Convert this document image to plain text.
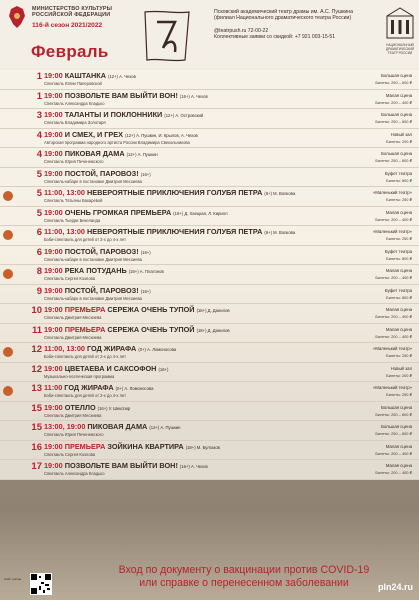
МИНИСТЕРСТВО КУЛЬТУРЫ
РОССИЙСКОЙ ФЕДЕРАЦИИ
116-й сезон 2021/2022
Февраль
Псковский академический театр драмы им. А.С. Пушкина
(филиал Национального драматического театра России)
@teatrpush.ru 72-00-22
Коллективные заявки со скидкой: +7 921 003-15-51
НАЦИОНАЛЬНЫЙ ДРАМАТИЧЕСКИЙ ТЕАТР РОССИИ
1 19:00 КАШТАНКА (12+) А. Чехов
Спектакль Юлии Паперовской
Большая сцена
Билеты: 250 – 600 ₽
1 19:00 ПОЗВОЛЬТЕ ВАМ ВЫЙТИ ВОН! (16+) А. Чехов
Спектакль Александра Кладько
Малая сцена
Билеты: 200 – 400 ₽
3 19:00 ТАЛАНТЫ И ПОКЛОННИКИ (12+) А. Островский
Спектакль Владимира Золотаря
Большая сцена
Билеты: 250 – 600 ₽
4 19:00 И СМЕХ, И ГРЕХ (12+) А. Пушкин, И. Крылов, А. Чехов
Авторская программа народного артиста России Владимира Свекольникова
Новый зал
Билеты: 200 ₽
4 19:00 ПИКОВАЯ ДАМА (12+) А. Пушкин
Спектакль Юрия Печенежского
Большая сцена
Билеты: 250 – 600 ₽
5 19:00 ПОСТОЙ, ПАРОВОЗ! (16+)
Спектакль-кабаре в постановке Дмитрия Месхиева
Буфет театра
Билеты: 800 ₽
5 11:00, 13:00 НЕВЕРОЯТНЫЕ ПРИКЛЮЧЕНИЯ ГОЛУБЯ ПЕТРА (6+) М. Волкова
Спектакль Татьяны Бахаревой
«Маленький театр»
Билеты: 250 ₽
5 19:00 ОЧЕНЬ ГРОМКАЯ ПРЕМЬЕРА (16+) Д. Хаецкая, Л. Кирилл
Спектакль Тьерри Бекеланда
Малая сцена
Билеты: 200 – 400 ₽
6 11:00, 13:00 НЕВЕРОЯТНЫЕ ПРИКЛЮЧЕНИЯ ГОЛУБЯ ПЕТРА (6+) М. Волкова
Бэби-спектакль для детей от 2-х до 4-х лет
«Маленький театр»
Билеты: 250 ₽
6 19:00 ПОСТОЙ, ПАРОВОЗ! (16+)
Спектакль-кабаре в постановке Дмитрия Месхиева
Буфет театра
Билеты: 800 ₽
8 19:00 РЕКА ПОТУДАНЬ (16+) А. Платонов
Спектакль Сергея Козлова
Малая сцена
Билеты: 200 – 400 ₽
9 19:00 ПОСТОЙ, ПАРОВОЗ! (16+)
Спектакль-кабаре в постановке Дмитрия Месхиева
Буфет театра
Билеты: 800 ₽
10 19:00 ПРЕМЬЕРА СЕРЕЖА ОЧЕНЬ ТУПОЙ (18+) Д. Данилов
Спектакль Дмитрия Месхиева
Малая сцена
Билеты: 200 – 400 ₽
11 19:00 ПРЕМЬЕРА СЕРЕЖА ОЧЕНЬ ТУПОЙ (18+) Д. Данилов
Спектакль Дмитрия Месхиева
Малая сцена
Билеты: 200 – 400 ₽
12 11:00, 13:00 ГОД ЖИРАФА (0+) А. Ломоносова
Бэби-спектакль для детей от 2-х до 4-х лет
«Маленький театр»
Билеты: 250 ₽
12 19:00 ЦВЕТАЕВА И САКСОФОН (16+)
Музыкально-поэтическая программа
Новый зал
Билеты: 200 ₽
13 11:00 ГОД ЖИРАФА (0+) А. Ломоносова
Бэби-спектакль для детей от 2-х до 4-х лет
«Маленький театр»
Билеты: 250 ₽
15 19:00 ОТЕЛЛО (16+) У. Шекспир
Спектакль Дмитрия Месхиева
Большая сцена
Билеты: 250 – 600 ₽
15 13:00, 19:00 ПИКОВАЯ ДАМА (12+) А. Пушкин
Спектакль Юрия Печенежского
Большая сцена
Билеты: 250 – 600 ₽
16 19:00 ПРЕМЬЕРА ЗОЙКИНА КВАРТИРА (18+) М. Булгаков
Спектакль Сергея Козлова
Малая сцена
Билеты: 200 – 400 ₽
17 19:00 ПОЗВОЛЬТЕ ВАМ ВЫЙТИ ВОН! (16+) А. Чехов
Спектакль Александра Кладько
Малая сцена
Билеты: 200 – 400 ₽
Сайт театра
Вход по документу о вакцинации против COVID-19
или справке о перенесенном заболевании	pln24.ru
